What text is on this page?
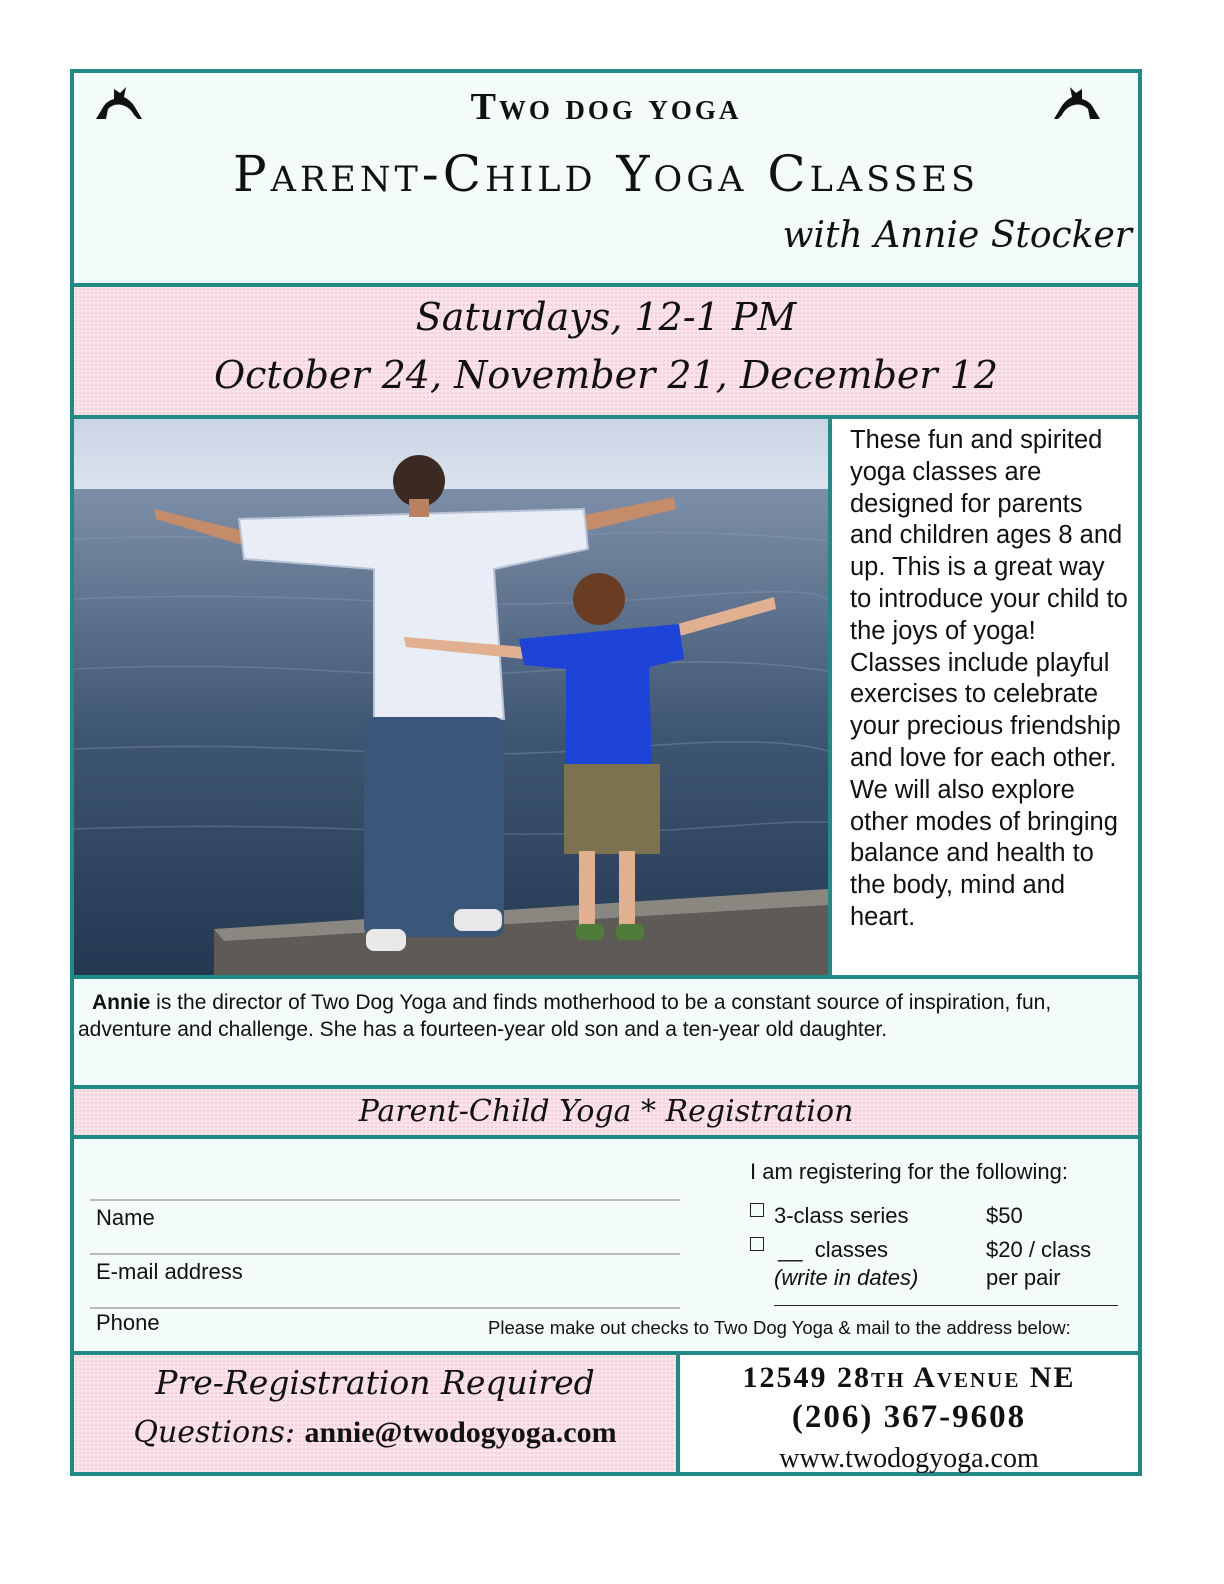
Two dog yoga
Parent-Child Yoga Classes
with Annie Stocker
Saturdays, 12-1 PM
October 24, November 21, December 12
These fun and spirited yoga classes are designed for parents and children ages 8 and up. This is a great way to introduce your child to the joys of yoga! Classes include playful exercises to celebrate your precious friendship and love for each other. We will also explore other modes of bringing balance and health to the body, mind and heart.
Annie is the director of Two Dog Yoga and finds motherhood to be a constant source of inspiration, fun, adventure and challenge. She has a fourteen-year old son and a ten-year old daughter.
Parent-Child Yoga * Registration
Name
E-mail address
Phone
I am registering for the following:
3-class series	$50
__  classes
(write in dates)
$20 / class
per pair
Please make out checks to Two Dog Yoga & mail to the address below:
Pre-Registration Required
Questions: annie@twodogyoga.com
12549 28th Avenue NE
(206) 367-9608
www.twodogyoga.com
